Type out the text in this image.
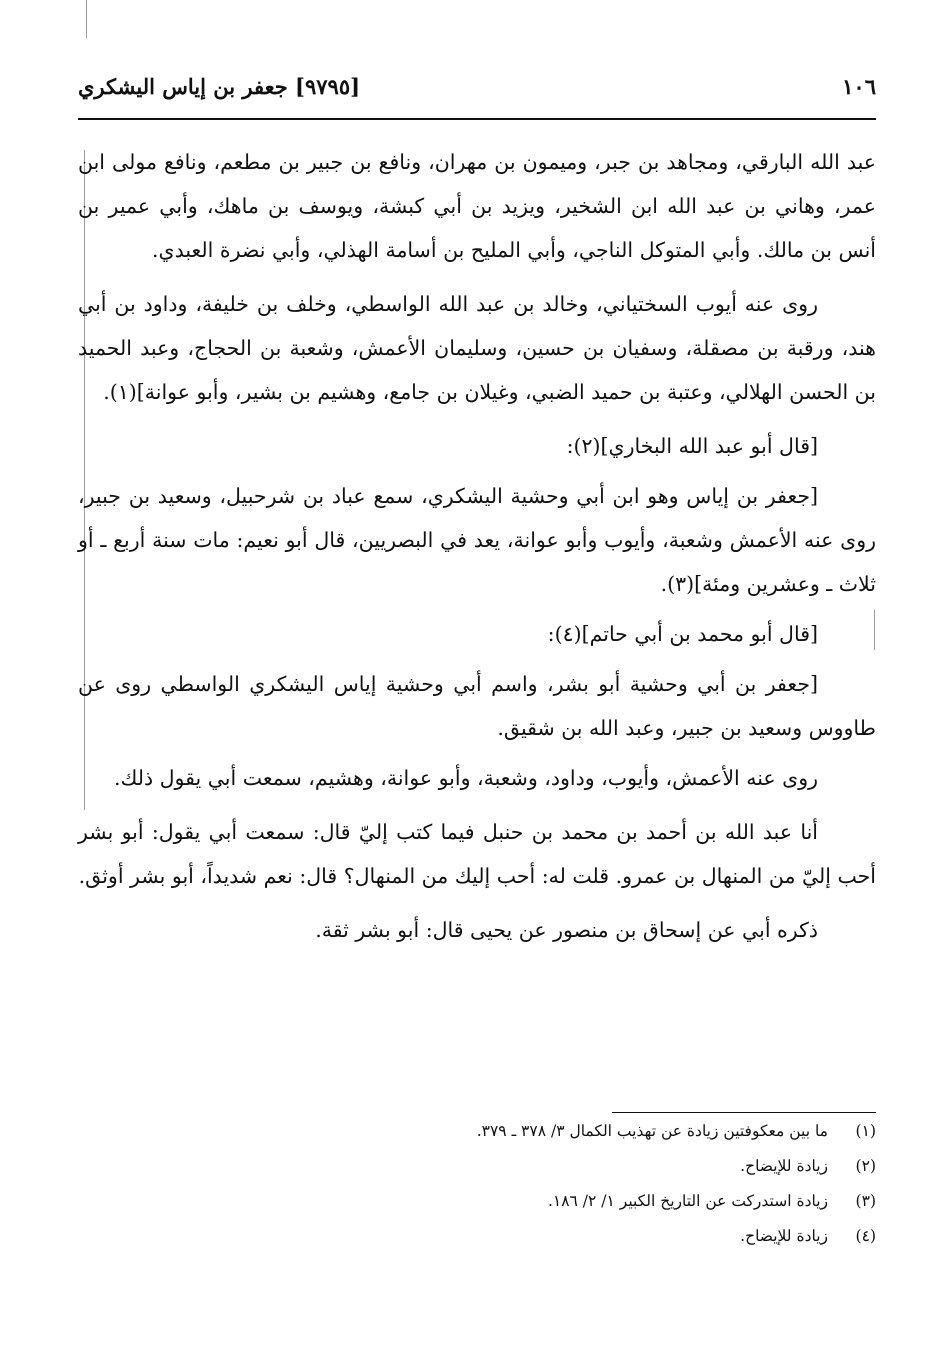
[٩٧٩٥] جعفر بن إياس اليشكري	١٠٦

عبد الله البارقي، ومجاهد بن جبر، وميمون بن مهران، ونافع بن جبير بن مطعم، ونافع مولى ابن عمر، وهاني بن عبد الله ابن الشخير، ويزيد بن أبي كبشة، ويوسف بن ماهك، وأبي عمير بن أنس بن مالك. وأبي المتوكل الناجي، وأبي المليح بن أسامة الهذلي، وأبي نضرة العبدي.

روى عنه أيوب السختياني، وخالد بن عبد الله الواسطي، وخلف بن خليفة، وداود بن أبي هند، ورقبة بن مصقلة، وسفيان بن حسين، وسليمان الأعمش، وشعبة بن الحجاج، وعبد الحميد بن الحسن الهلالي، وعتبة بن حميد الضبي، وغيلان بن جامع، وهشيم بن بشير، وأبو عوانة](١).

[قال أبو عبد الله البخاري](٢):

[جعفر بن إياس وهو ابن أبي وحشية اليشكري، سمع عباد بن شرحبيل، وسعيد بن جبير، روى عنه الأعمش وشعبة، وأيوب وأبو عوانة، يعد في البصريين، قال أبو نعيم: مات سنة أربع ـ أو ثلاث ـ وعشرين ومئة](٣).

[قال أبو محمد بن أبي حاتم](٤):

[جعفر بن أبي وحشية أبو بشر، واسم أبي وحشية إياس اليشكري الواسطي روى عن طاووس وسعيد بن جبير، وعبد الله بن شقيق.

روى عنه الأعمش، وأيوب، وداود، وشعبة، وأبو عوانة، وهشيم، سمعت أبي يقول ذلك.

أنا عبد الله بن أحمد بن محمد بن حنبل فيما كتب إليّ قال: سمعت أبي يقول: أبو بشر أحب إليّ من المنهال بن عمرو. قلت له: أحب إليك من المنهال؟ قال: نعم شديداً، أبو بشر أوثق.

ذكره أبي عن إسحاق بن منصور عن يحيى قال: أبو بشر ثقة.

(١)
ما بين معكوفتين زيادة عن تهذيب الكمال ٣/ ٣٧٨ ـ ٣٧٩.
(٢)
زيادة للإيضاح.
(٣)
زيادة استدركت عن التاريخ الكبير ١/ ٢/ ١٨٦.
(٤)
زيادة للإيضاح.
